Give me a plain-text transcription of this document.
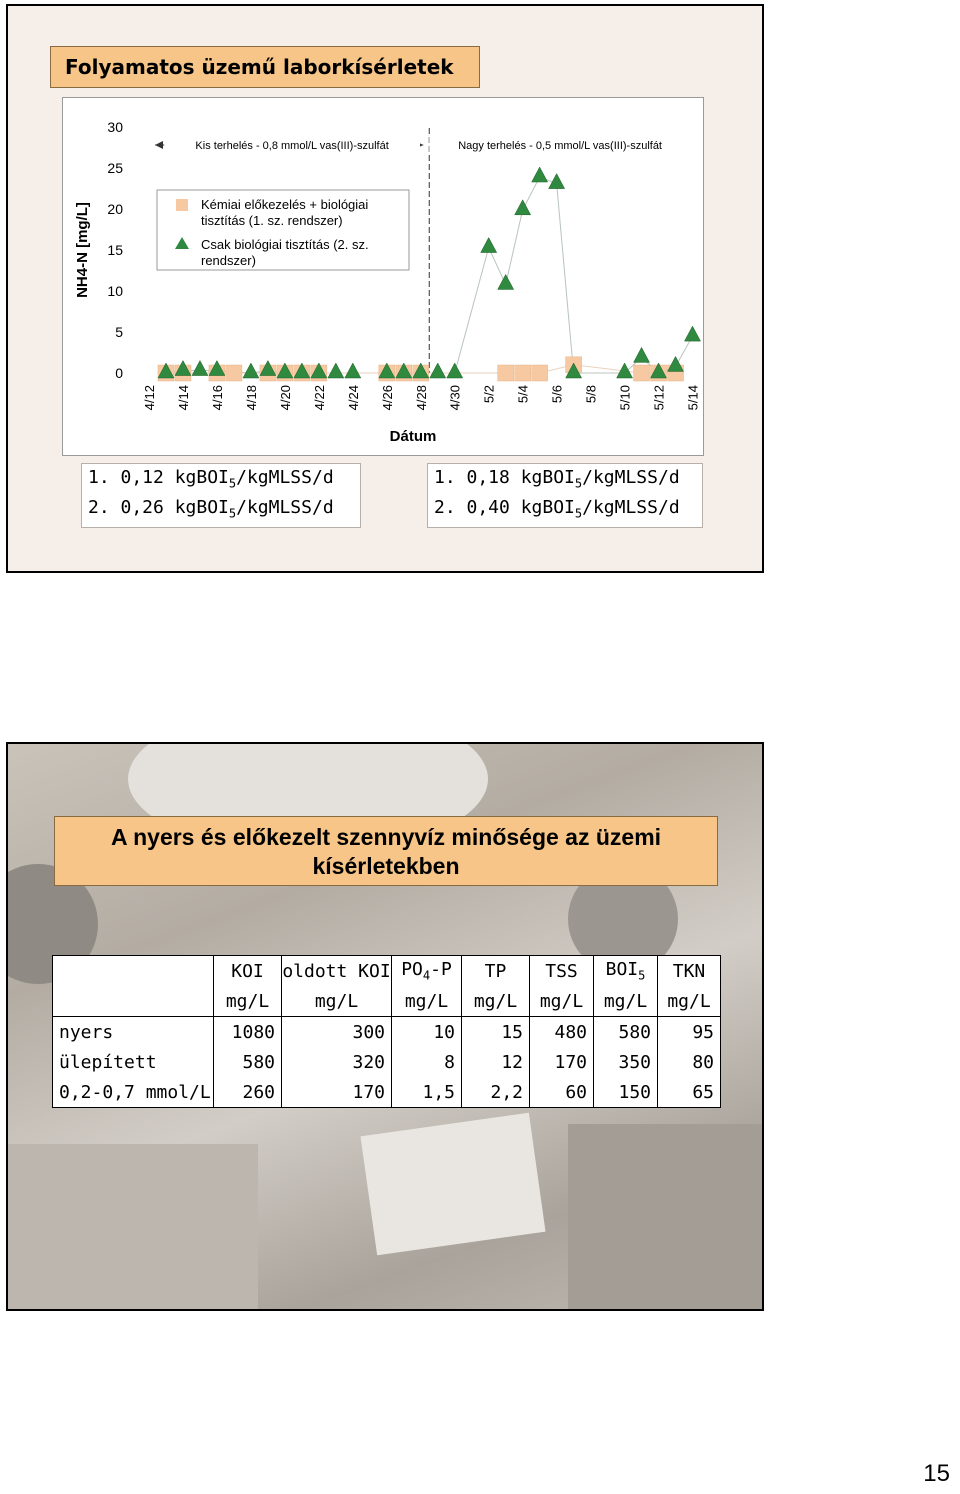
Folyamatos üzemű laborkísérletek
0
5
10
15
20
25
30
NH4-N [mg/L]
4/12 4/14 4/16 4/18 4/20 4/22 4/24 4/26 4/28 4/30 5/2 5/4 5/6 5/8 5/10 5/12 5/14
Dátum
Kis terhelés - 0,8 mmol/L vas(III)-szulfát	Nagy terhelés - 0,5 mmol/L vas(III)-szulfát
Kémiai előkezelés + biológiai
tisztítás (1. sz. rendszer)
Csak biológiai tisztítás (2. sz.
rendszer)
1. 0,12 kgBOI$_5$/kgMLSS/d
2. 0,26 kgBOI$_5$/kgMLSS/d
1. 0,18 kgBOI$_5$/kgMLSS/d
2. 0,40 kgBOI$_5$/kgMLSS/d
A nyers és előkezelt szennyvíz minősége az üzemi
kísérletekben
	KOI	oldott KOI	$PO_4-P$	TP	TSS	$BOI_5$	TKN
	mg/L	mg/L	mg/L	mg/L	mg/L	mg/L	mg/L
nyers	1080	300	10	15	480	580	95
ülepített	580	320	8	12	170	350	80
0,2-0,7 mmol/L	260	170	1,5	2,2	60	150	65
15
